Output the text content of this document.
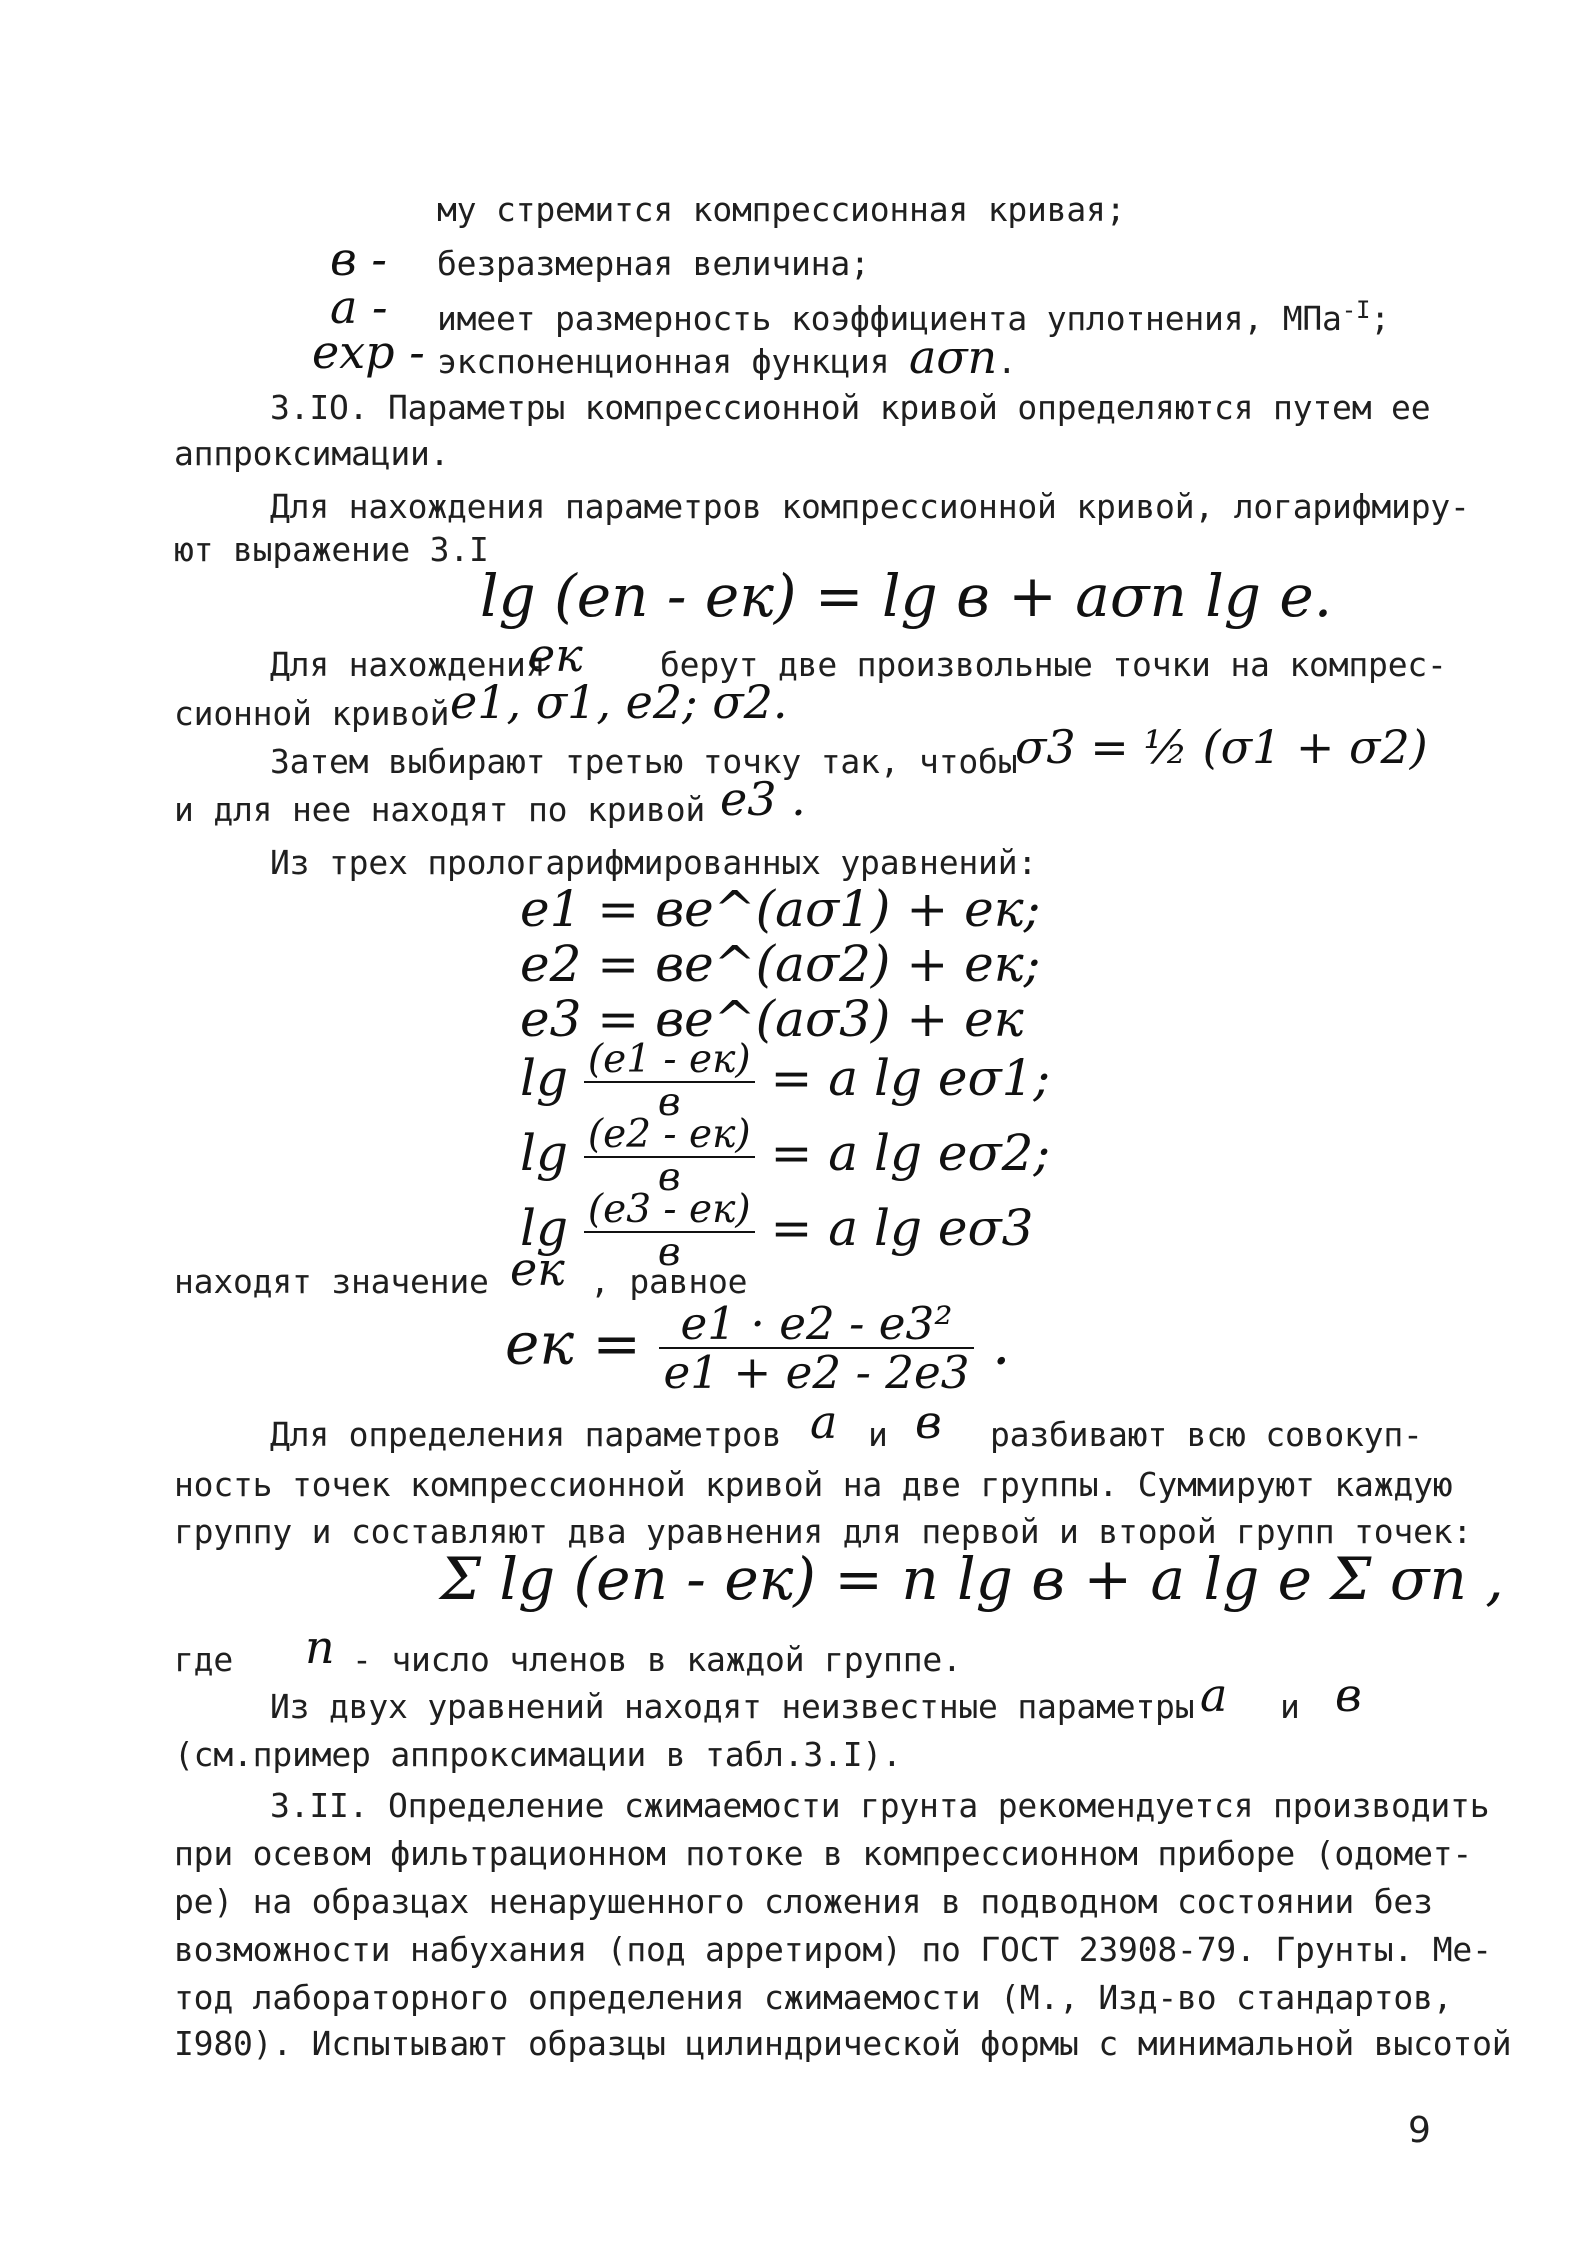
му стремится компрессионная кривая;
в - безразмерная величина;
а - имеет размерность коэффициента уплотнения, МПа$^{-I}$;
exp - экспоненционная функция aσn.
3.IO. Параметры компрессионной кривой определяются путем ее
аппроксимации.
Для нахождения параметров компрессионной кривой, логарифмиру-
ют выражение 3.I
lg (en - eк) = lg в + aσn lg e.
Для нахождения
eк берут две произвольные точки на компрес-
сионной кривой e1, σ1, e2; σ2.
Затем выбирают третью точку так, чтобы
σ3 = ½ (σ1 + σ2)
и для нее находят по кривой e3 .
Из трех прологарифмированных уравнений:
e1 = вe^(aσ1) + eк;
e2 = вe^(aσ2) + eк;
e3 = вe^(aσ3) + eк
$\lg \frac{(e1 - eк)}{в} = a$ lg eσ1;
$\lg \frac{(e2 - eк)}{в} = a$ lg eσ2;
$\lg \frac{(e3 - eк)}{в} = a$ lg eσ3
находят значение eк , равное
eк = $\frac{\text{e1 · e2 - e3²}}{e1 + e2 - 2e3}$ .
Для определения параметров a и в разбивают всю совокуп-
ность точек компрессионной кривой на две группы. Суммируют каждую
группу и составляют два уравнения для первой и второй групп точек:
Σ lg (en - eк) = n lg в + a lg e Σ σn ,
где n - число членов в каждой группе.
Из двух уравнений находят неизвестные параметры a и в
(см.пример аппроксимации в табл.3.I).
3.II. Определение сжимаемости грунта рекомендуется производить
при осевом фильтрационном потоке в компрессионном приборе (одомет-
ре) на образцах ненарушенного сложения в подводном состоянии без
возможности набухания (под арретиром) по ГОСТ 23908-79. Грунты. Ме-
тод лабораторного определения сжимаемости (М., Изд-во стандартов,
I980). Испытывают образцы цилиндрической формы с минимальной высотой
9
